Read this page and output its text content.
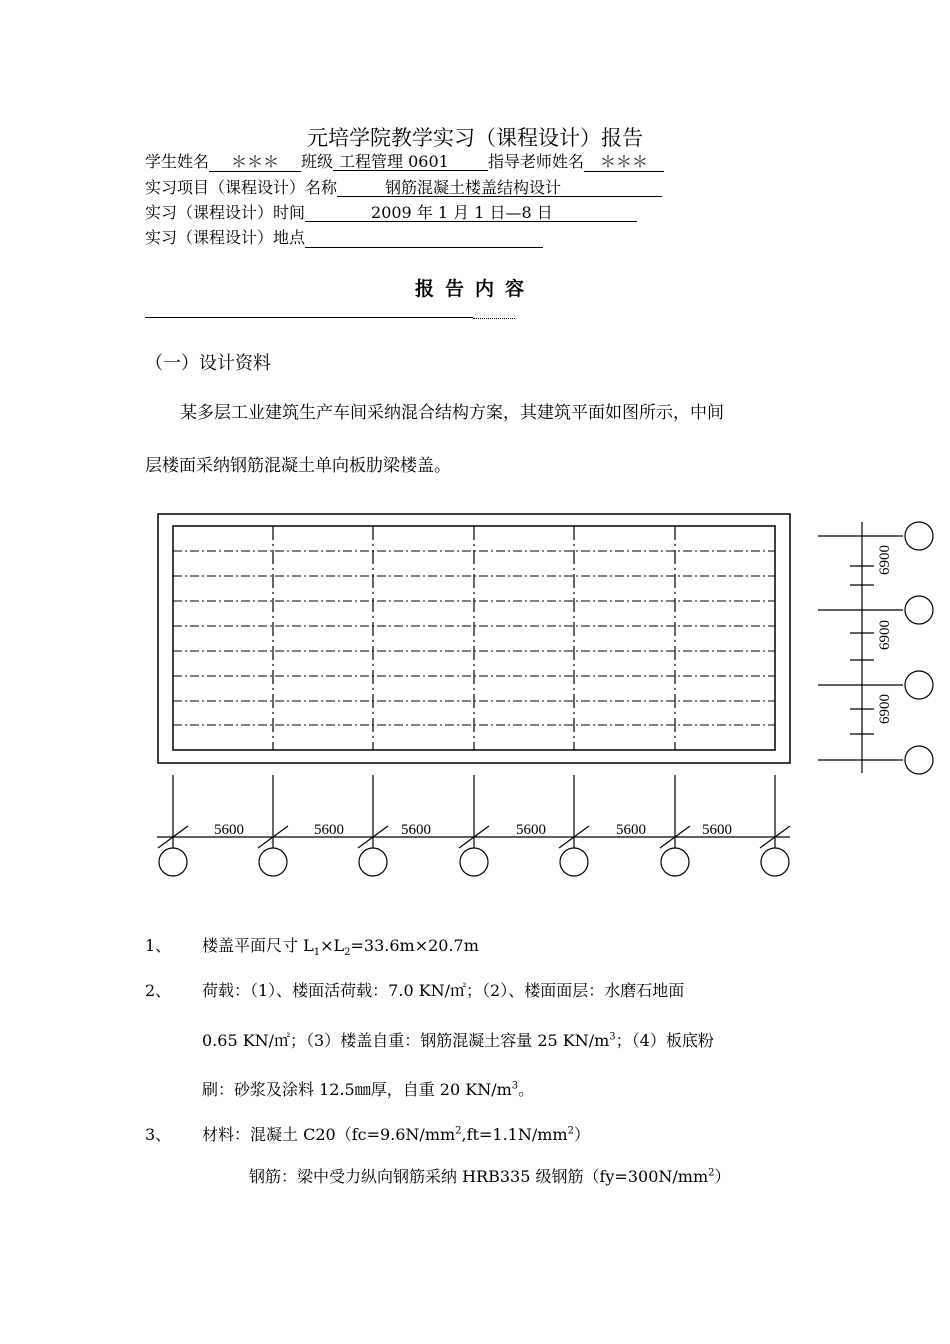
元培学院教学实习（课程设计）报告
学生姓名 ＊＊＊ 班级 工程管理 0601 指导老师姓名 ＊＊＊
实习项目（课程设计）名称	钢筋混凝土楼盖结构设计
实习（课程设计）时间	2009 年 1 月 1 日—8 日
实习（课程设计）地点
报告内容
（一）设计资料
某多层工业建筑生产车间采纳混合结构方案，其建筑平面如图所示，中间
层楼面采纳钢筋混凝土单向板肋梁楼盖。
5600	5600	5600	5600	5600	5600
6900
6900
6900
1、 楼盖平面尺寸 $L_1\times L_2=33.6m\times 20.7m$
2、 荷载：（1）、楼面活荷载：7.0 KN/㎡；（2）、楼面面层：水磨石地面
0.65 KN/㎡；（3）楼盖自重：钢筋混凝土容量 25 $KN/m^3$；（4）板底粉
刷：砂浆及涂料 12.5㎜厚，自重 20 $KN/m^3$。
3、 材料：混凝土 $C20(fc=9.6N/mm^2,ft=1.1N/mm^2)$
钢筋：梁中受力纵向钢筋采纳 HRB335 级钢筋$(fy=300N/mm^2)$
